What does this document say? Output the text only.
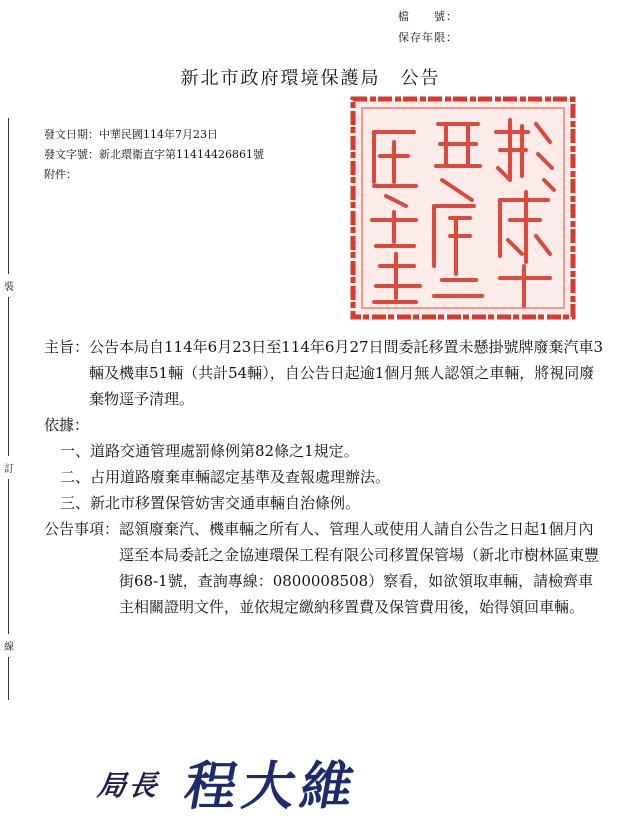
檔　　號：
保存年限：
新北市政府環境保護局　公告
裝
訂
線
發文日期：中華民國114年7月23日
發文字號：新北環衛直字第11414426861號
附件：
主旨： 公告本局自114年6月23日至114年6月27日間委託移置未懸掛號牌廢棄汽車3輛及機車51輛（共計54輛），自公告日起逾1個月無人認領之車輛，將視同廢棄物逕予清理。
依據：
一、 道路交通管理處罰條例第82條之1規定。
二、 占用道路廢棄車輛認定基準及查報處理辦法。
三、 新北市移置保管妨害交通車輛自治條例。
公告事項： 認領廢棄汽、機車輛之所有人、管理人或使用人請自公告之日起1個月內逕至本局委託之金協連環保工程有限公司移置保管場（新北市樹林區東豐街68-1號，查詢專線：0800008508）察看，如欲領取車輛，請檢齊車主相關證明文件，並依規定繳納移置費及保管費用後，始得領回車輛。
局長 程大維
